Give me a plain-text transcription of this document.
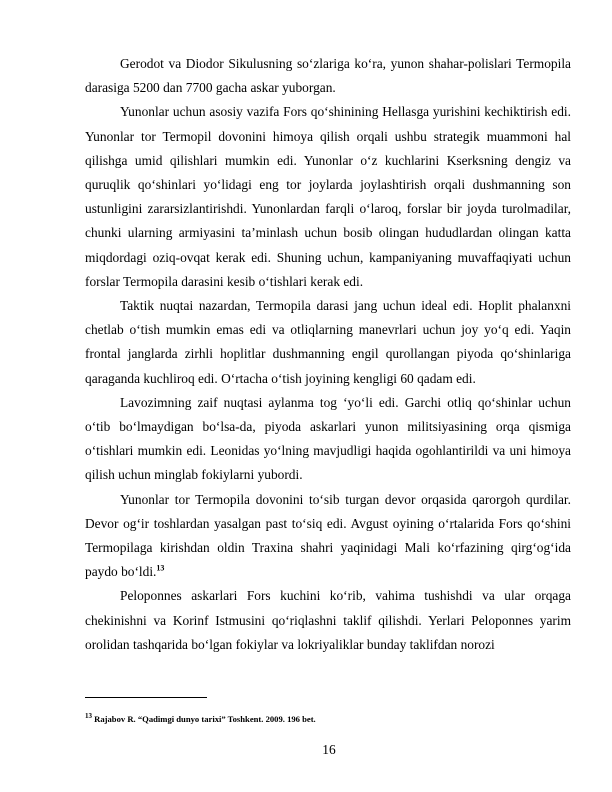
Gerodot va Diodor Sikulusning soʻzlariga koʻra, yunon shahar-polislari Termopila darasiga 5200 dan 7700 gacha askar yuborgan.

Yunonlar uchun asosiy vazifa Fors qoʻshinining Hellasga yurishini kechiktirish edi. Yunonlar tor Termopil dovonini himoya qilish orqali ushbu strategik muammoni hal qilishga umid qilishlari mumkin edi. Yunonlar oʻz kuchlarini Kserksning dengiz va quruqlik qoʻshinlari yoʻlidagi eng tor joylarda joylashtirish orqali dushmanning son ustunligini zararsizlantirishdi. Yunonlardan farqli oʻlaroq, forslar bir joyda turolmadilar, chunki ularning armiyasini taʼminlash uchun bosib olingan hududlardan olingan katta miqdordagi oziq-ovqat kerak edi. Shuning uchun, kampaniyaning muvaffaqiyati uchun forslar Termopila darasini kesib oʻtishlari kerak edi.

Taktik nuqtai nazardan, Termopila darasi jang uchun ideal edi. Hoplit phalanxni chetlab oʻtish mumkin emas edi va otliqlarning manevrlari uchun joy yoʻq edi. Yaqin frontal janglarda zirhli hoplitlar dushmanning engil qurollangan piyoda qoʻshinlariga qaraganda kuchliroq edi. Oʻrtacha oʻtish joyining kengligi 60 qadam edi.

Lavozimning zaif nuqtasi aylanma tog ʻyoʻli edi. Garchi otliq qoʻshinlar uchun oʻtib boʻlmaydigan boʻlsa-da, piyoda askarlari yunon militsiyasining orqa qismiga oʻtishlari mumkin edi. Leonidas yoʻlning mavjudligi haqida ogohlantirildi va uni himoya qilish uchun minglab fokiylarni yubordi.

Yunonlar tor Termopila dovonini toʻsib turgan devor orqasida qarorgoh qurdilar. Devor ogʻir toshlardan yasalgan past toʻsiq edi. Avgust oyining oʻrtalarida Fors qoʻshini Termopilaga kirishdan oldin Traxina shahri yaqinidagi Mali koʻrfazining qirgʻogʻida paydo boʻldi.$^{13}$

Peloponnes askarlari Fors kuchini koʻrib, vahima tushishdi va ular orqaga chekinishni va Korinf Istmusini qoʻriqlashni taklif qilishdi. Yerlari Peloponnes yarim orolidan tashqarida boʻlgan fokiylar va lokriyaliklar bunday taklifdan norozi

$^{13}$ Rajabov R. “Qadimgi dunyo tarixi” Toshkent. 2009. 196 bet.
16
